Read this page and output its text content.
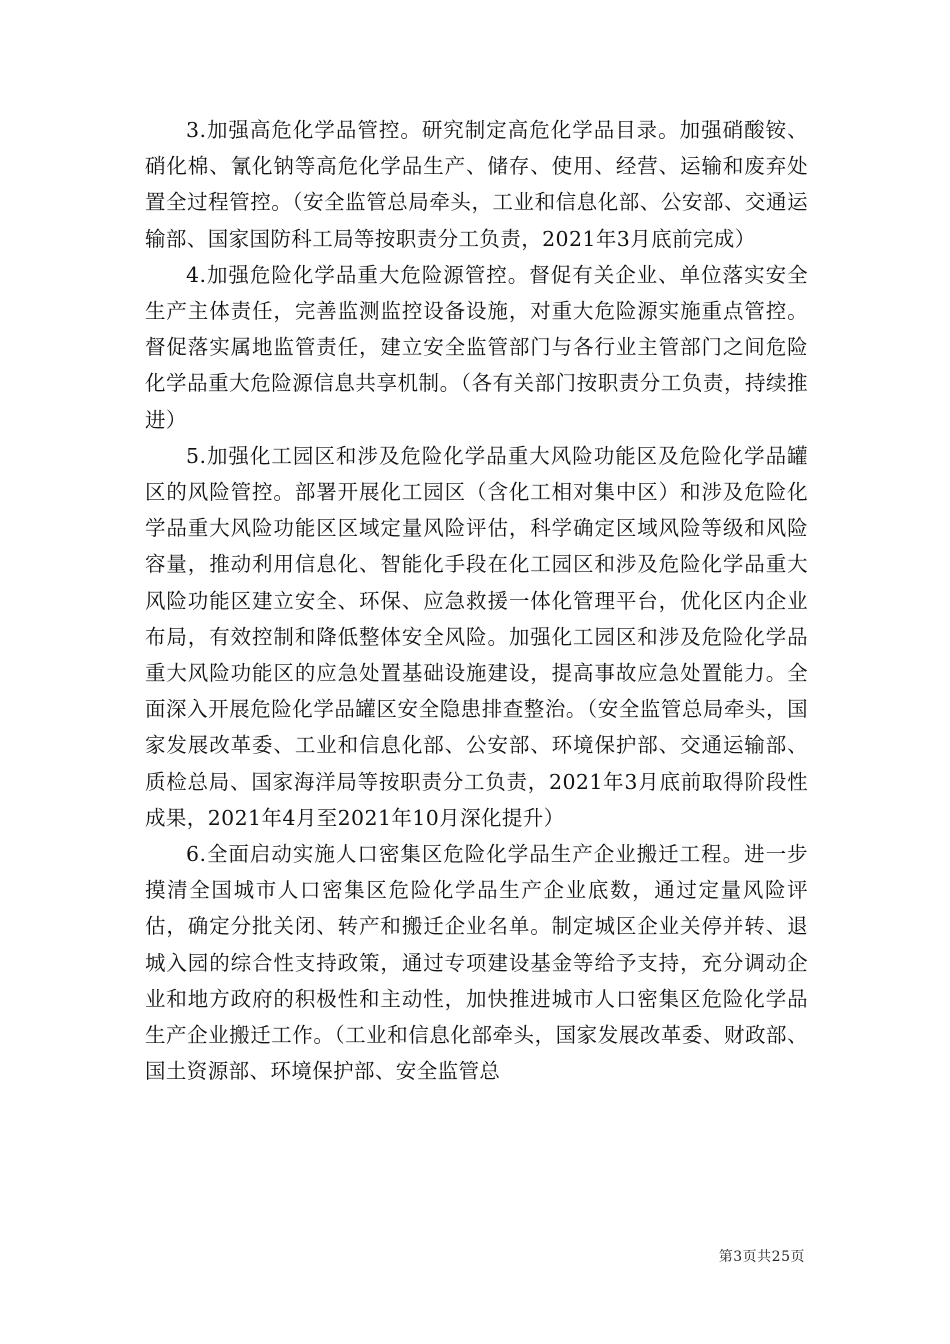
3.加强高危化学品管控。研究制定高危化学品目录。加强硝酸铵、硝化棉、氰化钠等高危化学品生产、储存、使用、经营、运输和废弃处置全过程管控。（安全监管总局牵头，工业和信息化部、公安部、交通运输部、国家国防科工局等按职责分工负责，2021年3月底前完成）

4.加强危险化学品重大危险源管控。督促有关企业、单位落实安全生产主体责任，完善监测监控设备设施，对重大危险源实施重点管控。督促落实属地监管责任，建立安全监管部门与各行业主管部门之间危险化学品重大危险源信息共享机制。（各有关部门按职责分工负责，持续推进）

5.加强化工园区和涉及危险化学品重大风险功能区及危险化学品罐区的风险管控。部署开展化工园区（含化工相对集中区）和涉及危险化学品重大风险功能区区域定量风险评估，科学确定区域风险等级和风险容量，推动利用信息化、智能化手段在化工园区和涉及危险化学品重大风险功能区建立安全、环保、应急救援一体化管理平台，优化区内企业布局，有效控制和降低整体安全风险。加强化工园区和涉及危险化学品重大风险功能区的应急处置基础设施建设，提高事故应急处置能力。全面深入开展危险化学品罐区安全隐患排查整治。（安全监管总局牵头，国家发展改革委、工业和信息化部、公安部、环境保护部、交通运输部、质检总局、国家海洋局等按职责分工负责，2021年3月底前取得阶段性成果，2021年4月至2021年10月深化提升）

6.全面启动实施人口密集区危险化学品生产企业搬迁工程。进一步摸清全国城市人口密集区危险化学品生产企业底数，通过定量风险评估，确定分批关闭、转产和搬迁企业名单。制定城区企业关停并转、退城入园的综合性支持政策，通过专项建设基金等给予支持，充分调动企业和地方政府的积极性和主动性，加快推进城市人口密集区危险化学品生产企业搬迁工作。（工业和信息化部牵头，国家发展改革委、财政部、国土资源部、环境保护部、安全监管总

第3页共25页
